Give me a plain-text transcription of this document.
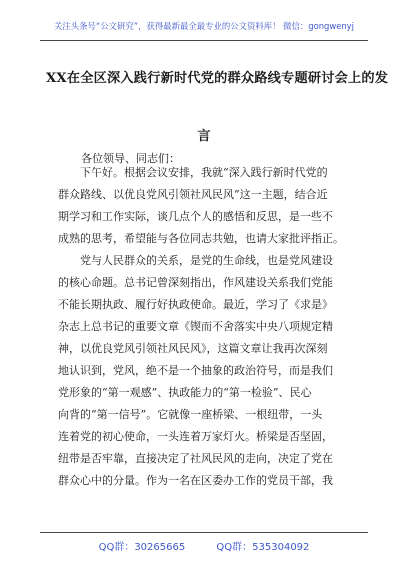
关注头条号“公文研究”，获得最新最全最专业的公文资料库！ 微信：gongwenyj
XX在全区深入践行新时代党的群众路线专题研讨会上的发
言
各位领导、同志们：
下午好。根据会议安排，我就“深入践行新时代党的
群众路线、以优良党风引领社风民风”这一主题，结合近
期学习和工作实际，谈几点个人的感悟和反思，是一些不
成熟的思考，希望能与各位同志共勉，也请大家批评指正。
党与人民群众的关系，是党的生命线，也是党风建设
的核心命题。总书记曾深刻指出，作风建设关系我们党能
不能长期执政、履行好执政使命。最近，学习了《求是》
杂志上总书记的重要文章《锲而不舍落实中央八项规定精
神，以优良党风引领社风民风》，这篇文章让我再次深刻
地认识到，党风，绝不是一个抽象的政治符号，而是我们
党形象的“第一观感”、执政能力的“第一检验”、民心
向背的“第一信号”。它就像一座桥梁、一根纽带，一头
连着党的初心使命，一头连着万家灯火。桥梁是否坚固，
纽带是否牢靠，直接决定了社风民风的走向，决定了党在
群众心中的分量。作为一名在区委办工作的党员干部，我
QQ群：30265665	QQ群：535304092
